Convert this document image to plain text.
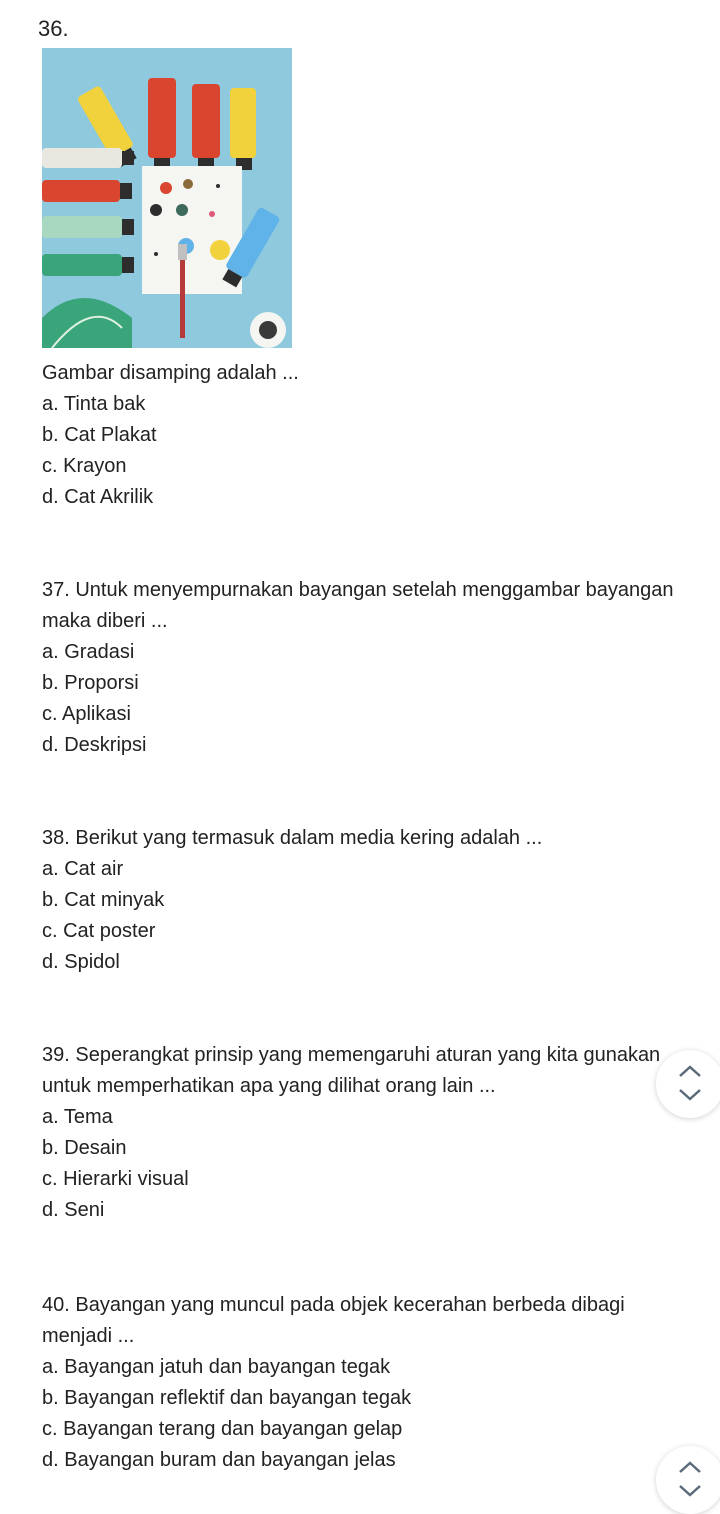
36.

Gambar disamping adalah ...

a. Tinta bak

b. Cat Plakat

c. Krayon

d. Cat Akrilik

37. Untuk menyempurnakan bayangan setelah menggambar bayangan maka diberi ...

a. Gradasi

b. Proporsi

c. Aplikasi

d. Deskripsi

38. Berikut yang termasuk dalam media kering adalah ...

a. Cat air

b. Cat minyak

c. Cat poster

d. Spidol

39. Seperangkat prinsip yang memengaruhi aturan yang kita gunakan untuk memperhatikan apa yang dilihat orang lain ...

a. Tema

b. Desain

c. Hierarki visual

d. Seni

40. Bayangan yang muncul pada objek kecerahan berbeda dibagi menjadi ...

a. Bayangan jatuh dan bayangan tegak

b. Bayangan reflektif dan bayangan tegak

c. Bayangan terang dan bayangan gelap

d. Bayangan buram dan bayangan jelas
